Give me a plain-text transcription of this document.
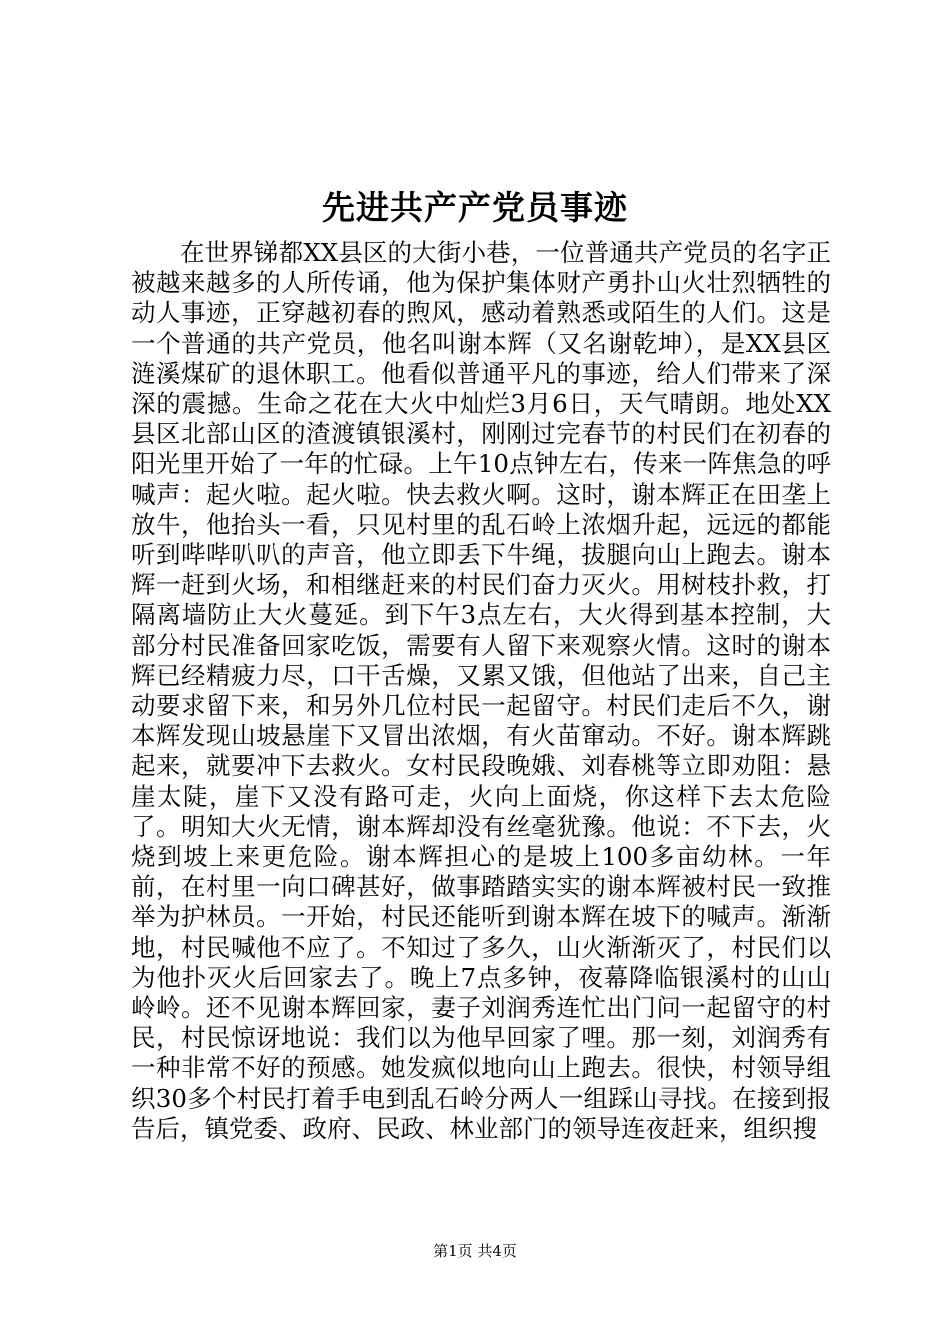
先进共产产党员事迹

在世界锑都XX县区的大街小巷，一位普通共产党员的名字正被越来越多的人所传诵，他为保护集体财产勇扑山火壮烈牺牲的动人事迹，正穿越初春的煦风，感动着熟悉或陌生的人们。这是一个普通的共产党员，他名叫谢本辉（又名谢乾坤），是XX县区涟溪煤矿的退休职工。他看似普通平凡的事迹，给人们带来了深深的震撼。生命之花在大火中灿烂3月6日，天气晴朗。地处XX县区北部山区的渣渡镇银溪村，刚刚过完春节的村民们在初春的阳光里开始了一年的忙碌。上午10点钟左右，传来一阵焦急的呼喊声：起火啦。起火啦。快去救火啊。这时，谢本辉正在田垄上放牛，他抬头一看，只见村里的乱石岭上浓烟升起，远远的都能听到哔哔叭叭的声音，他立即丢下牛绳，拔腿向山上跑去。谢本辉一赶到火场，和相继赶来的村民们奋力灭火。用树枝扑救，打隔离墙防止大火蔓延。到下午3点左右，大火得到基本控制，大部分村民准备回家吃饭，需要有人留下来观察火情。这时的谢本辉已经精疲力尽，口干舌燥，又累又饿，但他站了出来，自己主动要求留下来，和另外几位村民一起留守。村民们走后不久，谢本辉发现山坡悬崖下又冒出浓烟，有火苗窜动。不好。谢本辉跳起来，就要冲下去救火。女村民段晚娥、刘春桃等立即劝阻：悬崖太陡，崖下又没有路可走，火向上面烧，你这样下去太危险了。明知大火无情，谢本辉却没有丝毫犹豫。他说：不下去，火烧到坡上来更危险。谢本辉担心的是坡上100多亩幼林。一年前，在村里一向口碑甚好，做事踏踏实实的谢本辉被村民一致推举为护林员。一开始，村民还能听到谢本辉在坡下的喊声。渐渐地，村民喊他不应了。不知过了多久，山火渐渐灭了，村民们以为他扑灭火后回家去了。晚上7点多钟，夜幕降临银溪村的山山岭岭。还不见谢本辉回家，妻子刘润秀连忙出门问一起留守的村民，村民惊讶地说：我们以为他早回家了哩。那一刻，刘润秀有一种非常不好的预感。她发疯似地向山上跑去。很快，村领导组织30多个村民打着手电到乱石岭分两人一组踩山寻找。在接到报告后，镇党委、政府、民政、林业部门的领导连夜赶来，组织搜

第1页 共4页
